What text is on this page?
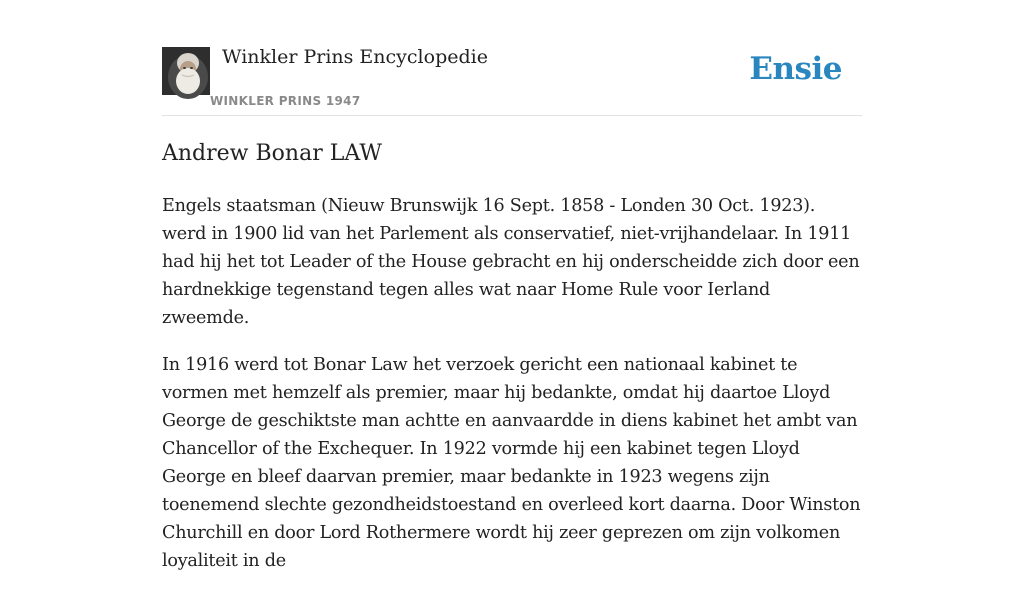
Winkler Prins Encyclopedie
WINKLER PRINS 1947
Ensie
Andrew Bonar LAW

Engels staatsman (Nieuw Brunswijk 16 Sept. 1858 - Londen 30 Oct. 1923). werd in 1900 lid van het Parlement als conservatief, niet-vrijhandelaar. In 1911 had hij het tot Leader of the House gebracht en hij onderscheidde zich door een hardnekkige tegenstand tegen alles wat naar Home Rule voor Ierland zweemde.

In 1916 werd tot Bonar Law het verzoek gericht een nationaal kabinet te vormen met hemzelf als premier, maar hij bedankte, omdat hij daartoe Lloyd George de geschiktste man achtte en aanvaardde in diens kabinet het ambt van Chancellor of the Exchequer. In 1922 vormde hij een kabinet tegen Lloyd George en bleef daarvan premier, maar bedankte in 1923 wegens zijn toenemend slechte gezondheidstoestand en overleed kort daarna. Door Winston Churchill en door Lord Rothermere wordt hij zeer geprezen om zijn volkomen loyaliteit in de
